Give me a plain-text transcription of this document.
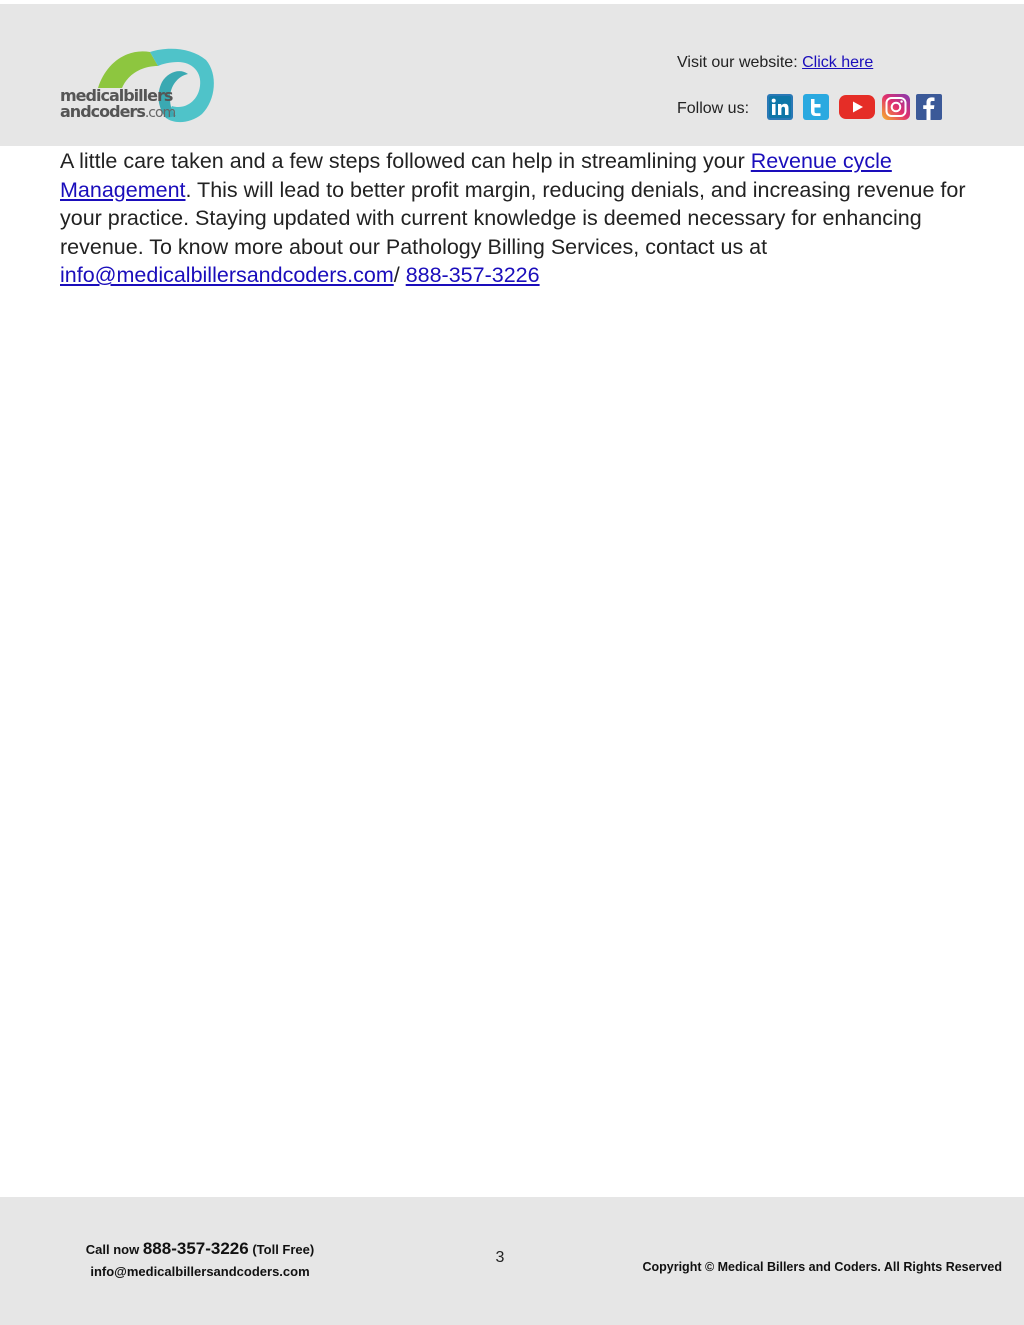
medicalbillers
andcoders.com
Visit our website: Click here
Follow us:

A little care taken and a few steps followed can help in streamlining your Revenue cycle Management. This will lead to better profit margin, reducing denials, and increasing revenue for your practice. Staying updated with current knowledge is deemed necessary for enhancing revenue. To know more about our Pathology Billing Services, contact us at info@medicalbillersandcoders.com/ 888-357-3226

Call now 888-357-3226 (Toll Free)
info@medicalbillersandcoders.com
3
Copyright © Medical Billers and Coders. All Rights Reserved
